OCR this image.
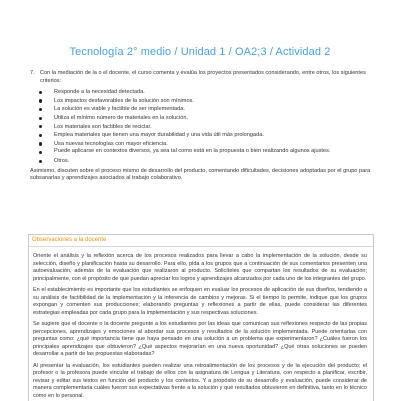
Tecnología 2° medio / Unidad 1 / OA2;3 / Actividad 2
7. Con la mediación de la o el docente, el curso comenta y evalúa los proyectos presentados considerando, entre otros, los siguientes criterios:
Responde a la necesidad detectada.
Los impactos desfavorables de la solución son mínimos.
La solución es viable y factible de ser implementada.
Utiliza el mínimo número de materiales en la solución.
Los materiales son factibles de reciclar.
Emplea materiales que tienen una mayor durabilidad y una vida útil más prolongada.
Usa nuevas tecnologías con mayor eficiencia.
Puede aplicarse en contextos diversos, ya sea tal como está en la propuesta o bien realizando algunos ajustes.
Otros.
Asimismo, discuten sobre el proceso mismo de desarrollo del producto, comentando dificultades, decisiones adoptadas por el grupo para subsanarlas y aprendizajes asociados al trabajo colaborativo.
Observaciones a la docente

Oriente el análisis y la reflexión acerca de los procesos realizados para llevar a cabo la implementación de la solución, desde su selección, diseño y planificación hasta su desarrollo. Para ello, pida a los grupos que a continuación de sus comentarios presenten una autoevaluación, además de la evaluación que realizaron al producto. Solicíteles que compartan los resultados de su evaluación; principalmente, con el propósito de que puedan apreciar los logros y aprendizajes alcanzados por cada uno de los integrantes del grupo.

En el establecimiento es importante que los estudiantes se enfoquen en evaluar los procesos de aplicación de sus diseños, tendiendo a su análisis de factibilidad de la implementación y la inferencia de cambios y mejoras. Si el tiempo lo permite, indique que los grupos expongan y comenten sus producciones; elaborando preguntas y reflexiones a partir de ellas, puede considerar las diferentes estrategias empleadas por cada grupo para la implementación y sus respectivas soluciones.

Se sugiere que el docente o la docente pregunte a los estudiantes por las ideas que comunican sus reflexiones respecto de las propias percepciones, aprendizajes y emociones al abordar sus procesos y resultados de la solución implementada. Puede orientarlas con preguntas como: ¿qué importancia tiene que haya pensado en una solución a un problema que experimentaron? ¿Cuáles fueron los principales aprendizajes que obtuvieron? ¿Qué aspectos mejorarían en una nueva oportunidad? ¿Qué otras soluciones se pueden desarrollar a partir de las propuestas elaboradas?

Al presentar la evaluación, los estudiantes pueden realizar una retroalimentación de los procesos y de la ejecución del producto; el profesor o la profesora puede vincular el trabajo de ellos con la asignatura de Lengua y Literatura, con respecto a planificar, escribir, revisar y editar sus textos en función del producto y los contextos. Y a propósito de su desarrollo y evaluación, puede considerar de manera complementaria cuáles fueron sus expectativas frente a la solución y qué resultados obtuvieron en definitiva, tanto en lo técnico como en lo personal.
